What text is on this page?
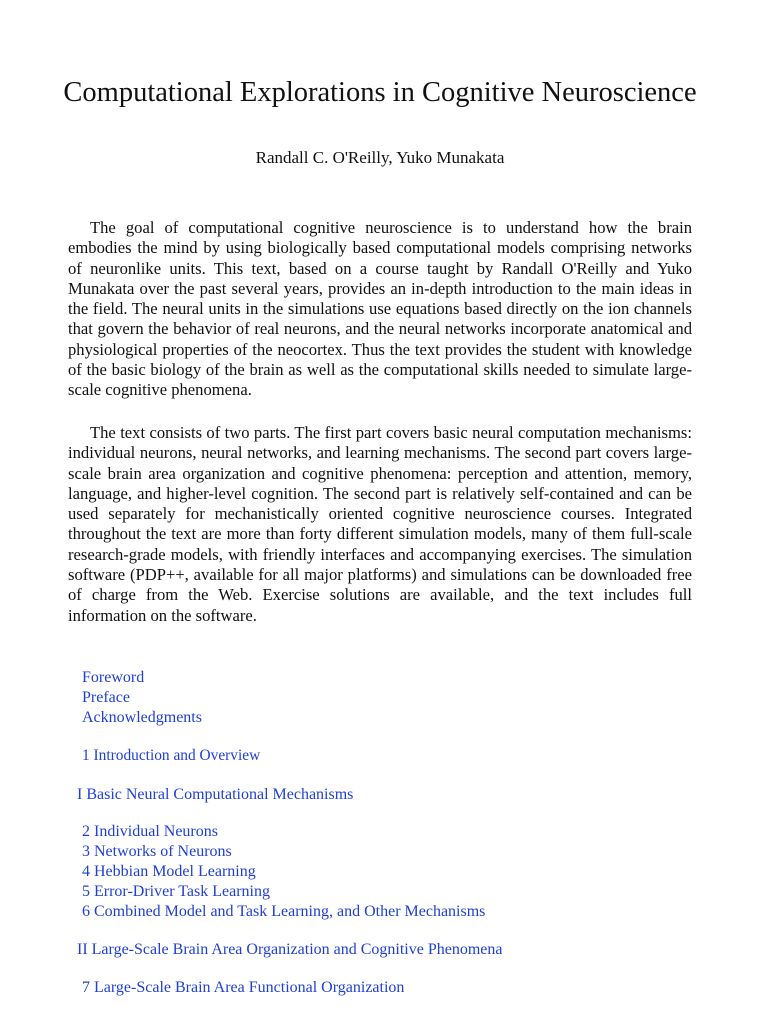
Computational Explorations in Cognitive Neuroscience

Randall C. O'Reilly, Yuko Munakata

The goal of computational cognitive neuroscience is to understand how the brain embodies the mind by using biologically based computational models comprising networks of neuronlike units. This text, based on a course taught by Randall O'Reilly and Yuko Munakata over the past several years, provides an in-depth introduction to the main ideas in the field. The neural units in the simulations use equations based directly on the ion channels that govern the behavior of real neurons, and the neural networks incorporate anatomical and physiological properties of the neocortex. Thus the text provides the student with knowledge of the basic biology of the brain as well as the computational skills needed to simulate large-scale cognitive phenomena.

The text consists of two parts. The first part covers basic neural computation mechanisms: individual neurons, neural networks, and learning mechanisms. The second part covers large-scale brain area organization and cognitive phenomena: perception and attention, memory, language, and higher-level cognition. The second part is relatively self-contained and can be used separately for mechanistically oriented cognitive neuroscience courses. Integrated throughout the text are more than forty different simulation models, many of them full-scale research-grade models, with friendly interfaces and accompanying exercises. The simulation software (PDP++, available for all major platforms) and simulations can be downloaded free of charge from the Web. Exercise solutions are available, and the text includes full information on the software.

Foreword
Preface
Acknowledgments
1 Introduction and Overview
I Basic Neural Computational Mechanisms
2 Individual Neurons
3 Networks of Neurons
4 Hebbian Model Learning
5 Error-Driver Task Learning
6 Combined Model and Task Learning, and Other Mechanisms
II Large-Scale Brain Area Organization and Cognitive Phenomena
7 Large-Scale Brain Area Functional Organization
